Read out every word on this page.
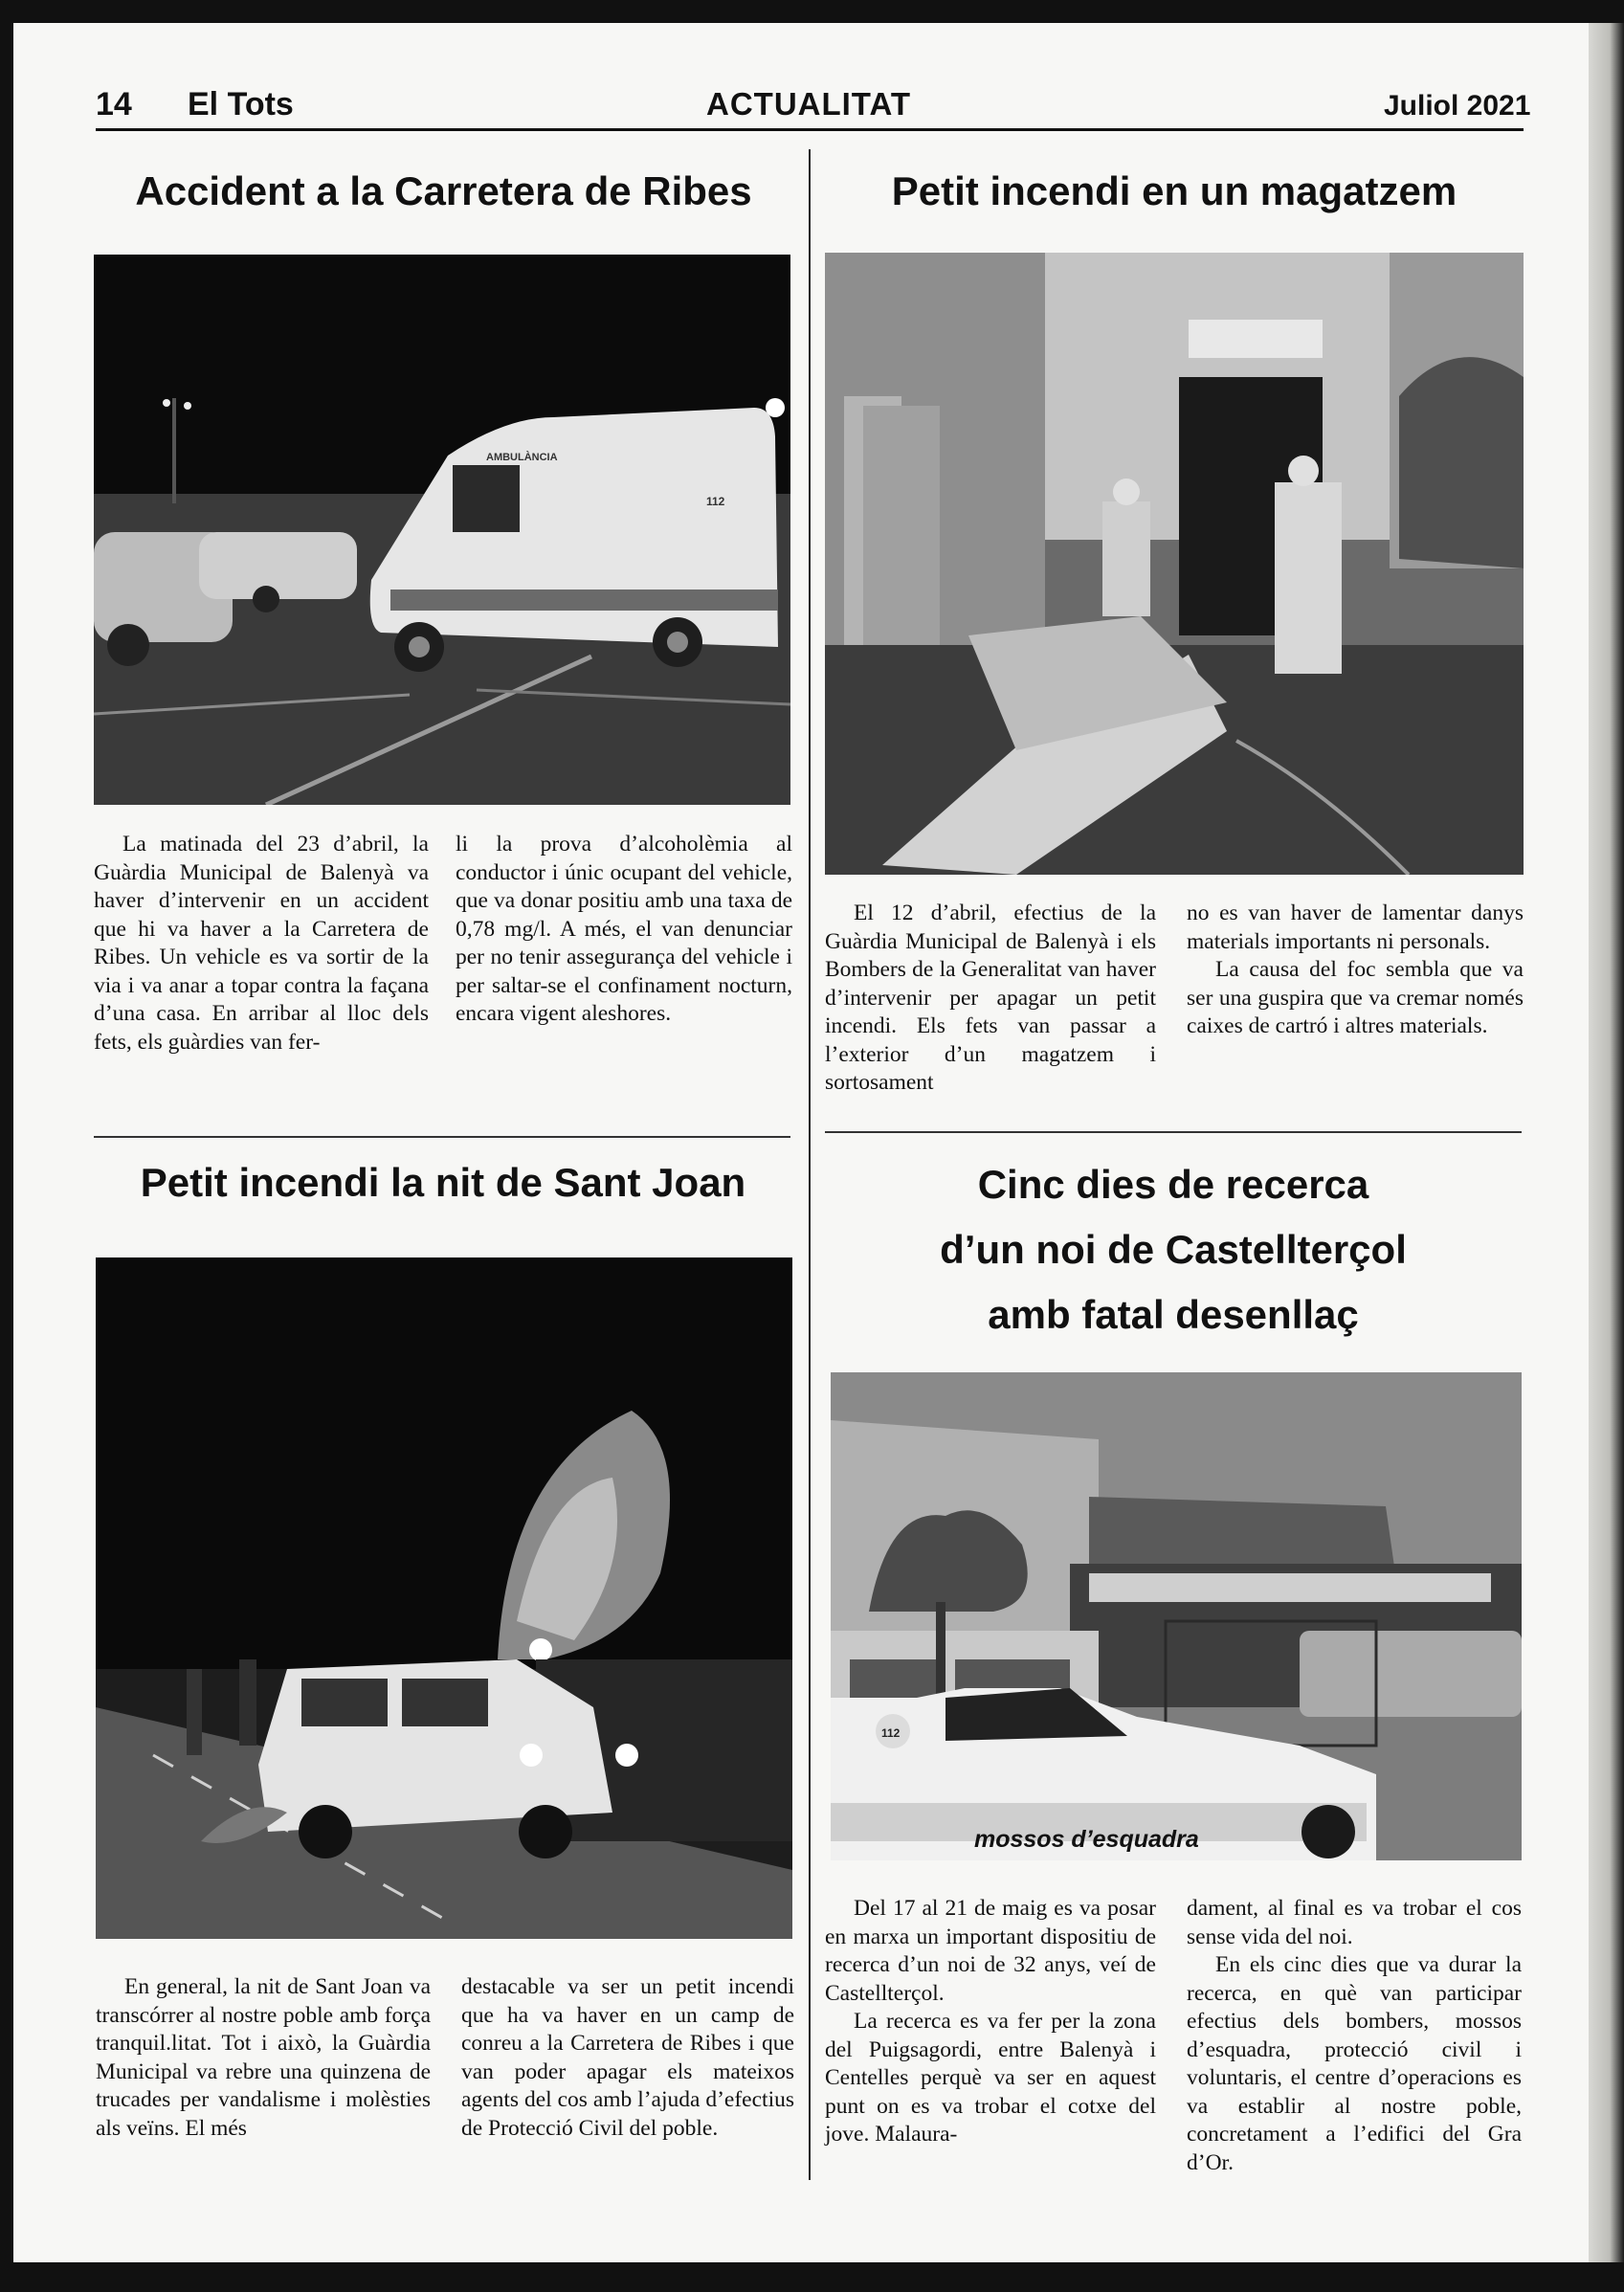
14 El Tots	ACTUALITAT	Juliol 2021
Accident a la Carretera de Ribes
AMBULÀNCIA
112

La matinada del 23 d’abril, la Guàrdia Municipal de Balenyà va haver d’intervenir en un accident que hi va haver a la Carretera de Ribes. Un vehicle es va sortir de la via i va anar a topar contra la façana d’una casa. En arribar al lloc dels fets, els guàrdies van fer-

li la prova d’alcoholèmia al conductor i únic ocupant del vehicle, que va donar positiu amb una taxa de 0,78 mg/l. A més, el van denunciar per no tenir assegurança del vehicle i per saltar-se el confinament nocturn, encara vigent aleshores.

Petit incendi en un magatzem

El 12 d’abril, efectius de la Guàrdia Municipal de Balenyà i els Bombers de la Generalitat van haver d’intervenir per apagar un petit incendi. Els fets van passar a l’exterior d’un magatzem i sortosament

no es van haver de lamentar danys materials importants ni personals.

La causa del foc sembla que va ser una guspira que va cremar només caixes de cartró i altres materials.

Petit incendi la nit de Sant Joan

En general, la nit de Sant Joan va transcórrer al nostre poble amb força tranquil.litat. Tot i això, la Guàrdia Municipal va rebre una quinzena de trucades per vandalisme i molèsties als veïns. El més

destacable va ser un petit incendi que ha va haver en un camp de conreu a la Carretera de Ribes i que van poder apagar els mateixos agents del cos amb l’ajuda d’efectius de Protecció Civil del poble.

Cinc dies de recerca
d’un noi de Castellterçol
amb fatal desenllaç
mossos d’esquadra
112

Del 17 al 21 de maig es va posar en marxa un important dispositiu de recerca d’un noi de 32 anys, veí de Castellterçol.

La recerca es va fer per la zona del Puigsagordi, entre Balenyà i Centelles perquè va ser en aquest punt on es va trobar el cotxe del jove. Malaura-

dament, al final es va trobar el cos sense vida del noi.

En els cinc dies que va durar la recerca, en què van participar efectius dels bombers, mossos d’esquadra, protecció civil i voluntaris, el centre d’operacions es va establir al nostre poble, concretament a l’edifici del Gra d’Or.
